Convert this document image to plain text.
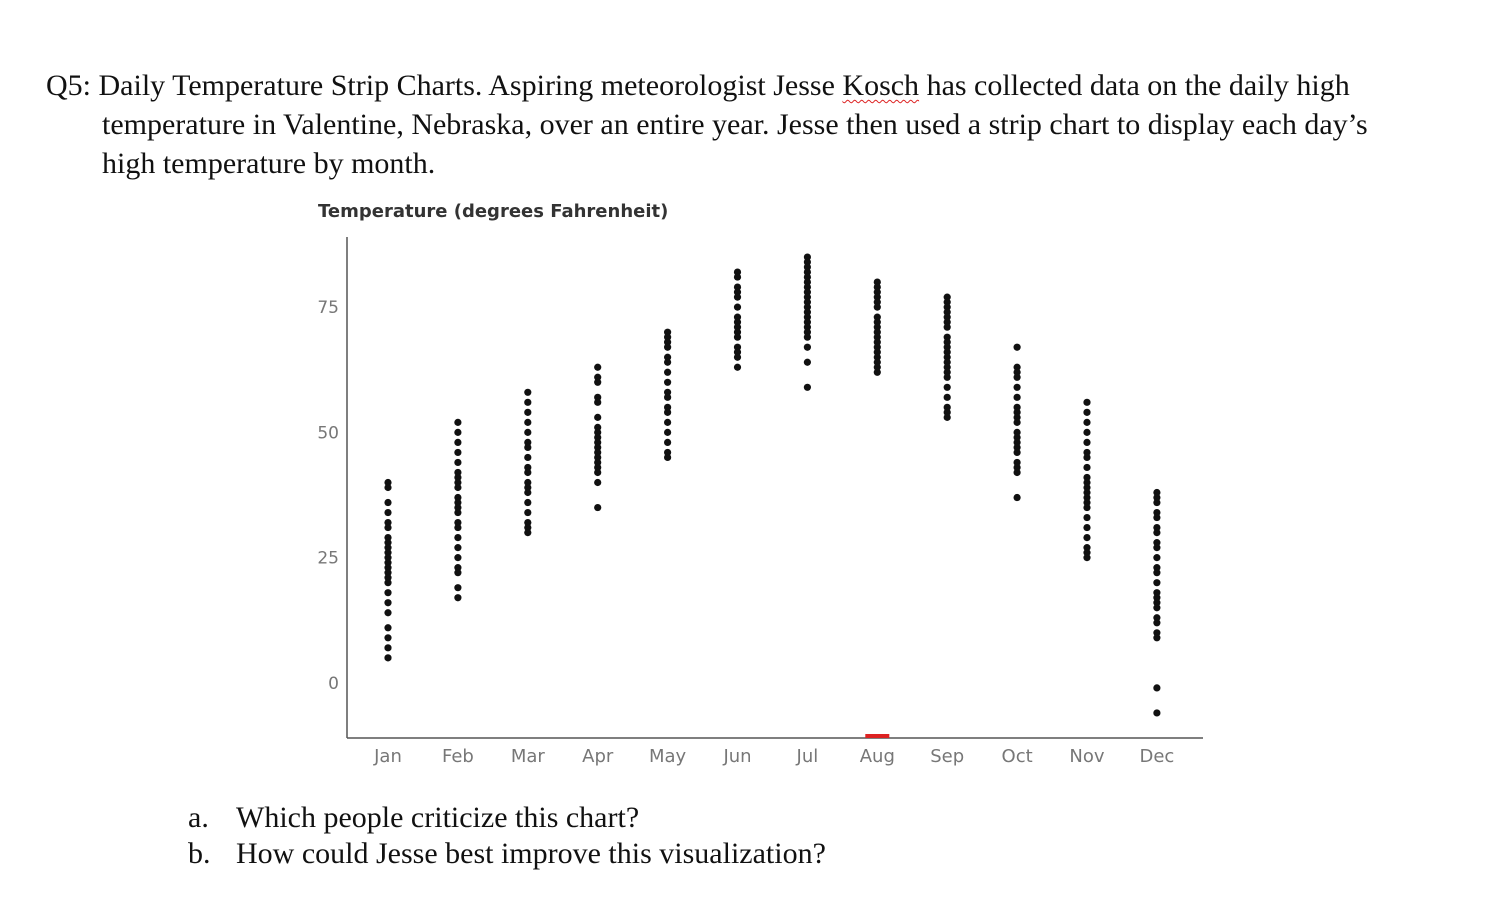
Q5: Daily Temperature Strip Charts. Aspiring meteorologist Jesse Kosch has collected data on the daily high
temperature in Valentine, Nebraska, over an entire year. Jesse then used a strip chart to display each day’s
high temperature by month.
Temperature (degrees Fahrenheit)
0
25
50
75
Jan Feb Mar Apr May Jun Jul Aug Sep Oct Nov Dec
a. Which people criticize this chart?
b. How could Jesse best improve this visualization?
